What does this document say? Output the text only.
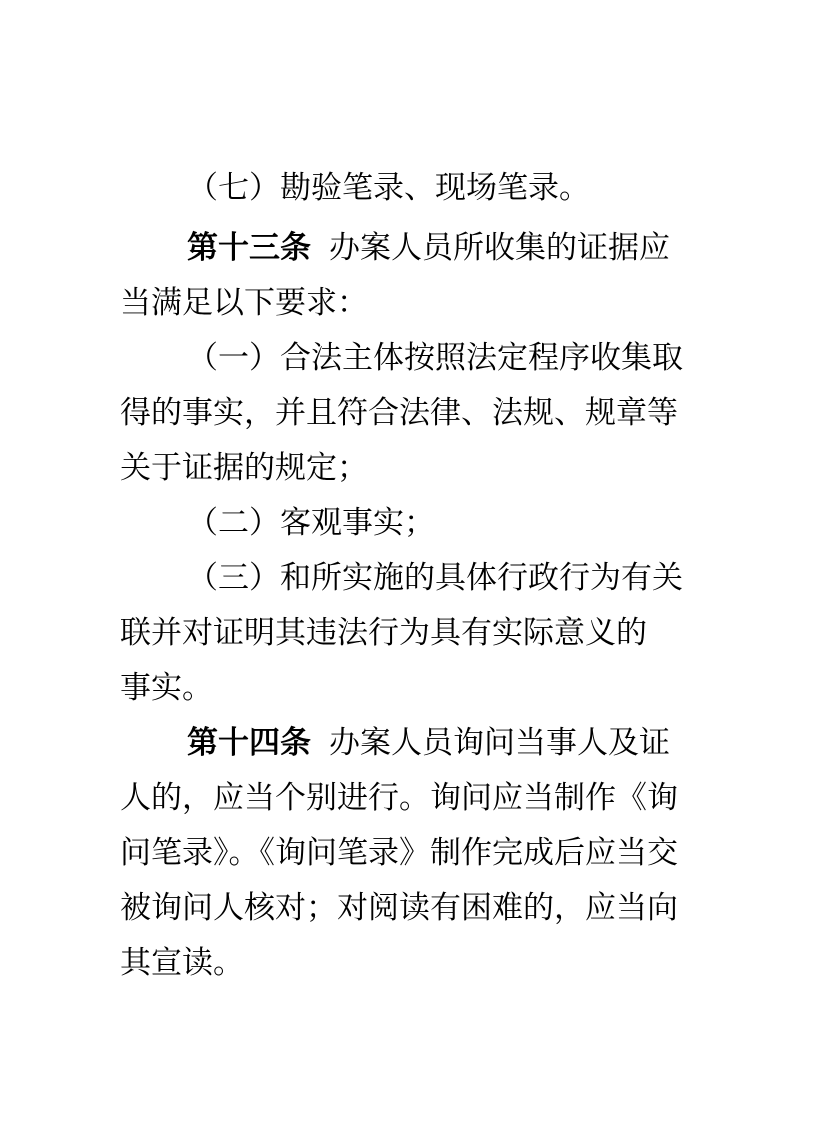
（七）勘验笔录、现场笔录。
第十三条 办案人员所收集的证据应
当满足以下要求：
（一）合法主体按照法定程序收集取
得的事实，并且符合法律、法规、规章等
关于证据的规定；
（二）客观事实；
（三）和所实施的具体行政行为有关
联并对证明其违法行为具有实际意义的
事实。
第十四条 办案人员询问当事人及证
人的，应当个别进行。询问应当制作《询
问笔录》。《询问笔录》制作完成后应当交
被询问人核对；对阅读有困难的，应当向
其宣读。
